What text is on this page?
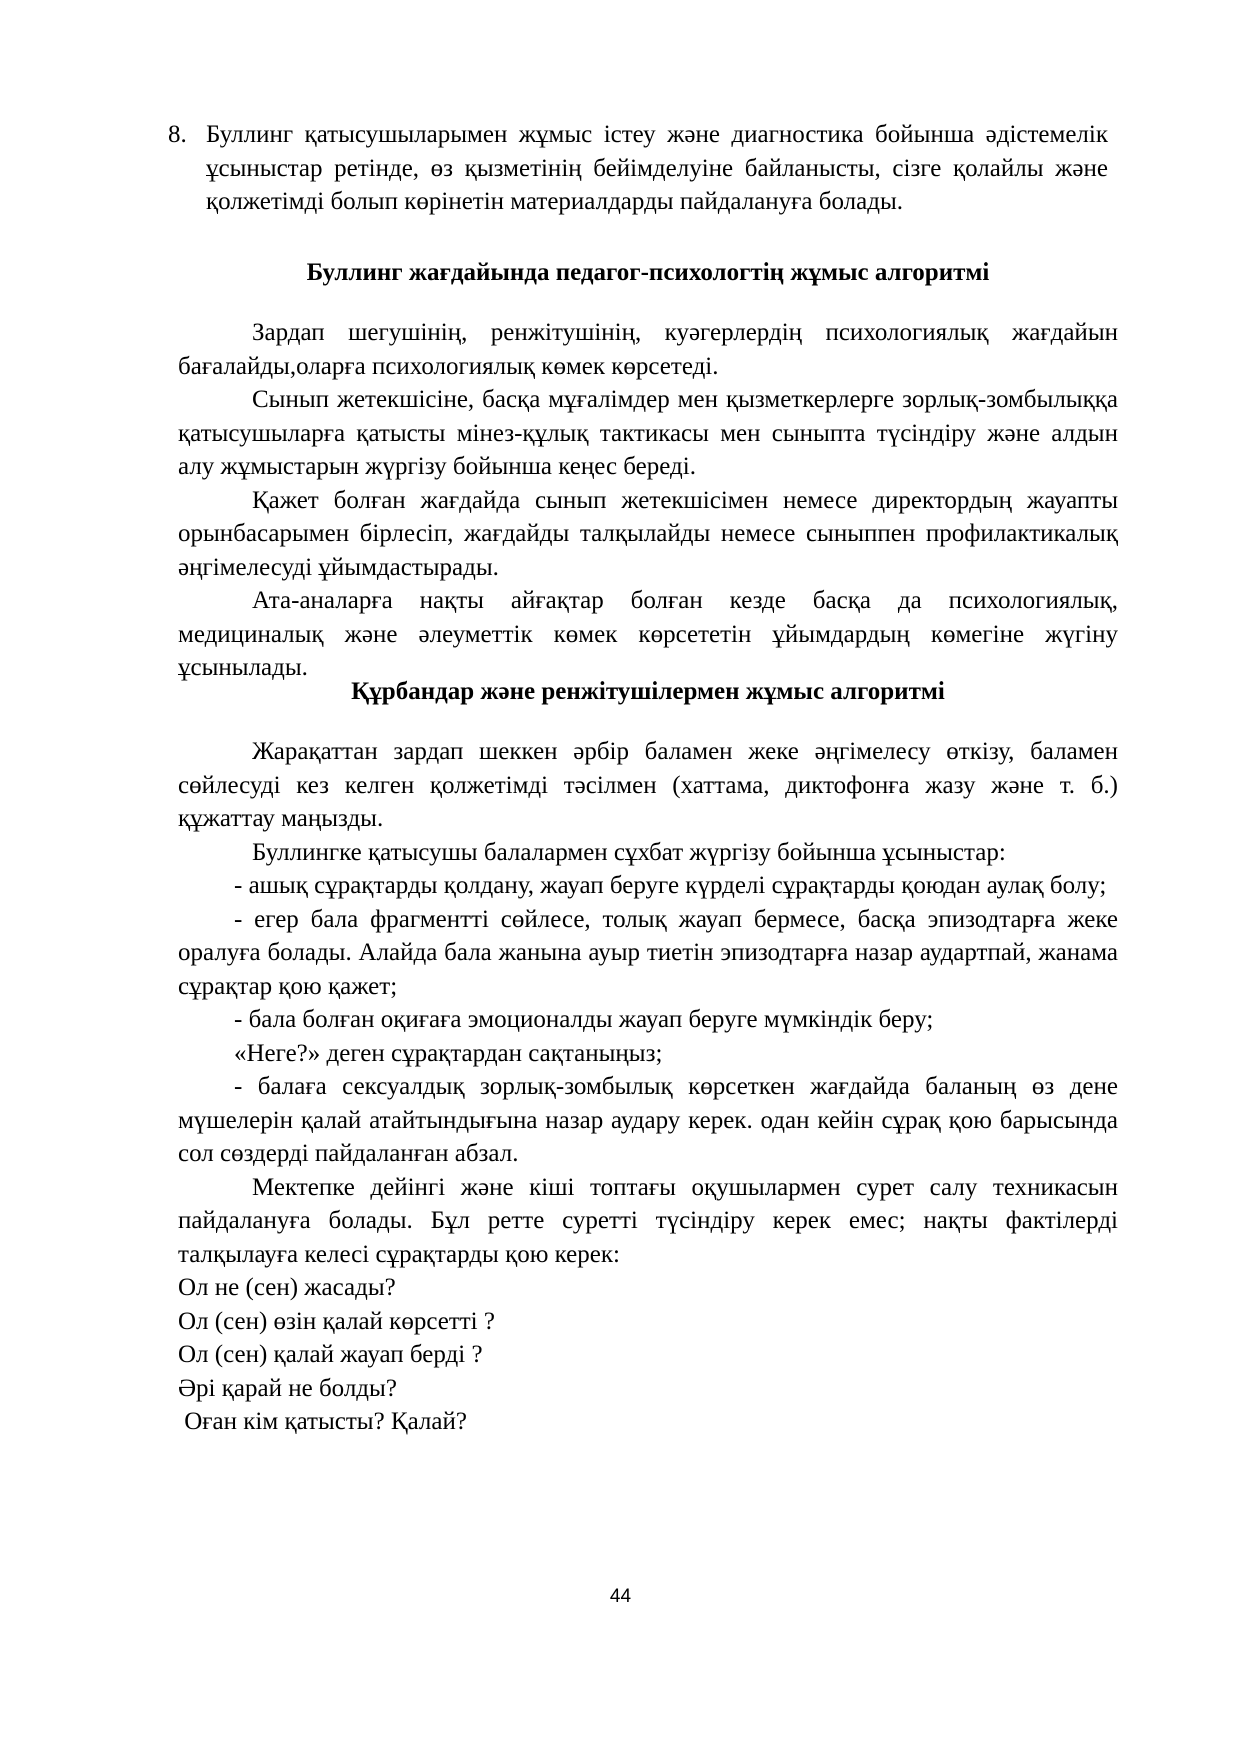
8. Буллинг қатысушыларымен жұмыс істеу және диагностика бойынша әдістемелік ұсыныстар ретінде, өз қызметінің бейімделуіне байланысты, сізге қолайлы және қолжетімді болып көрінетін материалдарды пайдалануға болады.
Буллинг жағдайында педагог-психологтің жұмыс алгоритмі

Зардап шегушінің, ренжітушінің, куәгерлердің психологиялық жағдайын бағалайды,оларға психологиялық көмек көрсетеді.

Сынып жетекшісіне, басқа мұғалімдер мен қызметкерлерге зорлық-зомбылыққа қатысушыларға қатысты мінез-құлық тактикасы мен сыныпта түсіндіру және алдын алу жұмыстарын жүргізу бойынша кеңес береді.

Қажет болған жағдайда сынып жетекшісімен немесе директордың жауапты орынбасарымен бірлесіп, жағдайды талқылайды немесе сыныппен профилактикалық әңгімелесуді ұйымдастырады.

Ата-аналарға нақты айғақтар болған кезде басқа да психологиялық, медициналық және әлеуметтік көмек көрсететін ұйымдардың көмегіне жүгіну ұсынылады.

Құрбандар және ренжітушілермен жұмыс алгоритмі

Жарақаттан зардап шеккен әрбір баламен жеке әңгімелесу өткізу, баламен сөйлесуді кез келген қолжетімді тәсілмен (хаттама, диктофонға жазу және т. б.) құжаттау маңызды.

Буллингке қатысушы балалармен сұхбат жүргізу бойынша ұсыныстар:

- ашық сұрақтарды қолдану, жауап беруге күрделі сұрақтарды қоюдан аулақ болу;

- егер бала фрагментті сөйлесе, толық жауап бермесе, басқа эпизодтарға жеке оралуға болады. Алайда бала жанына ауыр тиетін эпизодтарға назар аудартпай, жанама сұрақтар қою қажет;

- бала болған оқиғаға эмоционалды жауап беруге мүмкіндік беру;

«Неге?» деген сұрақтардан сақтаныңыз;

- балаға сексуалдық зорлық-зомбылық көрсеткен жағдайда баланың өз дене мүшелерін қалай атайтындығына назар аудару керек. одан кейін сұрақ қою барысында сол сөздерді пайдаланған абзал.

Мектепке дейінгі және кіші топтағы оқушылармен сурет салу техникасын пайдалануға болады. Бұл ретте суретті түсіндіру керек емес; нақты фактілерді талқылауға келесі сұрақтарды қою керек:

Ол не (сен) жасады?

Ол (сен) өзін қалай көрсетті ?

Ол (сен) қалай жауап берді ?

Әрі қарай не болды?

Оған кім қатысты? Қалай?

44
